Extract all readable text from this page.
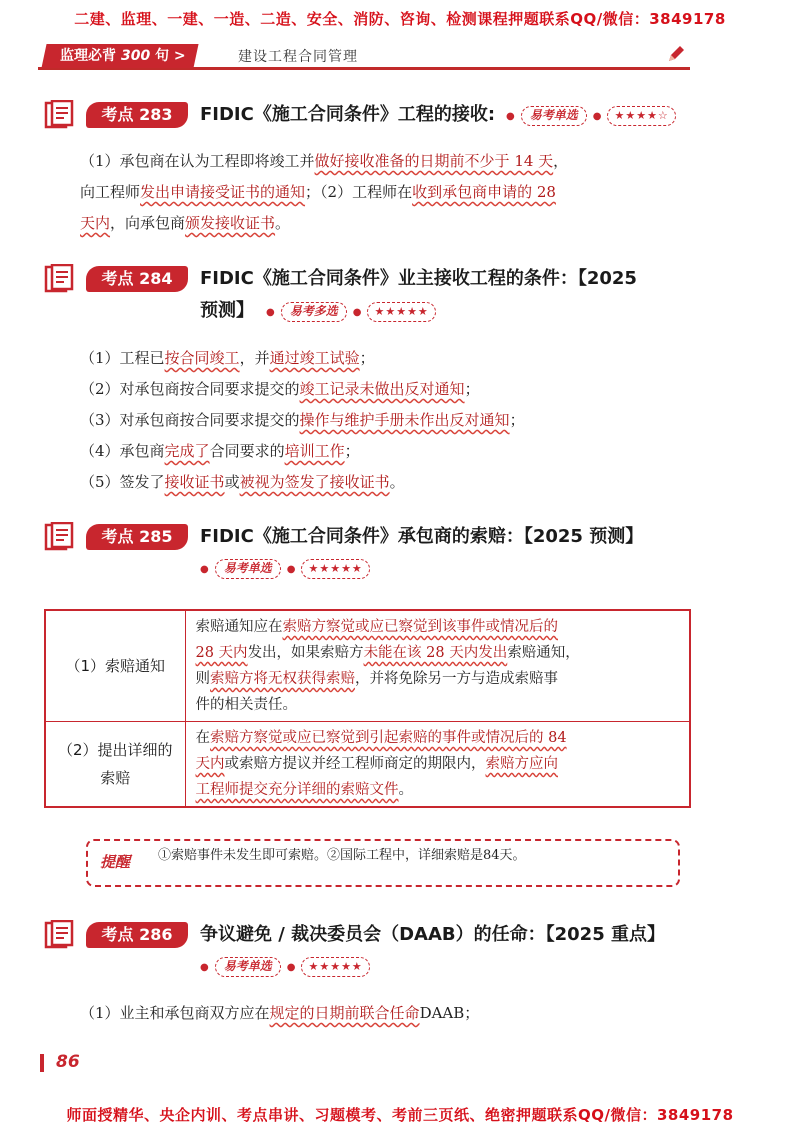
二建、监理、一建、一造、二造、安全、消防、咨询、检测课程押题联系QQ/微信：3849178
监理必背 300 句 >	建设工程合同管理
考点 283	FIDIC《施工合同条件》工程的接收:	●	易考单选	●	★★★★☆
（1）承包商在认为工程即将竣工并做好接收准备的日期前不少于 14 天，
向工程师发出申请接受证书的通知；（2）工程师在收到承包商申请的 28
天内，向承包商颁发接收证书。
考点 284	FIDIC《施工合同条件》业主接收工程的条件：【2025
预测】	●	易考多选	●	★★★★★
（1）工程已按合同竣工，并通过竣工试验；
（2）对承包商按合同要求提交的竣工记录未做出反对通知；
（3）对承包商按合同要求提交的操作与维护手册未作出反对通知；
（4）承包商完成了合同要求的培训工作；
（5）签发了接收证书或被视为签发了接收证书。
考点 285	FIDIC《施工合同条件》承包商的索赔：【2025 预测】
●	易考单选	●	★★★★★
（1）索赔通知	索赔通知应在索赔方察觉或应已察觉到该事件或情况后的
28 天内发出，如果索赔方未能在该 28 天内发出索赔通知，
则索赔方将无权获得索赔，并将免除另一方与造成索赔事
件的相关责任。

（2）提出详细的索赔	在索赔方察觉或应已察觉到引起索赔的事件或情况后的 84
天内或索赔方提议并经工程师商定的期限内，索赔方应向
工程师提交充分详细的索赔文件。
提醒 ①索赔事件未发生即可索赔。②国际工程中，详细索赔是84天。
考点 286	争议避免 / 裁决委员会（DAAB）的任命：【2025 重点】
●	易考单选	●	★★★★★
（1）业主和承包商双方应在规定的日期前联合任命DAAB；
86
师面授精华、央企内训、考点串讲、习题模考、考前三页纸、绝密押题联系QQ/微信：3849178
